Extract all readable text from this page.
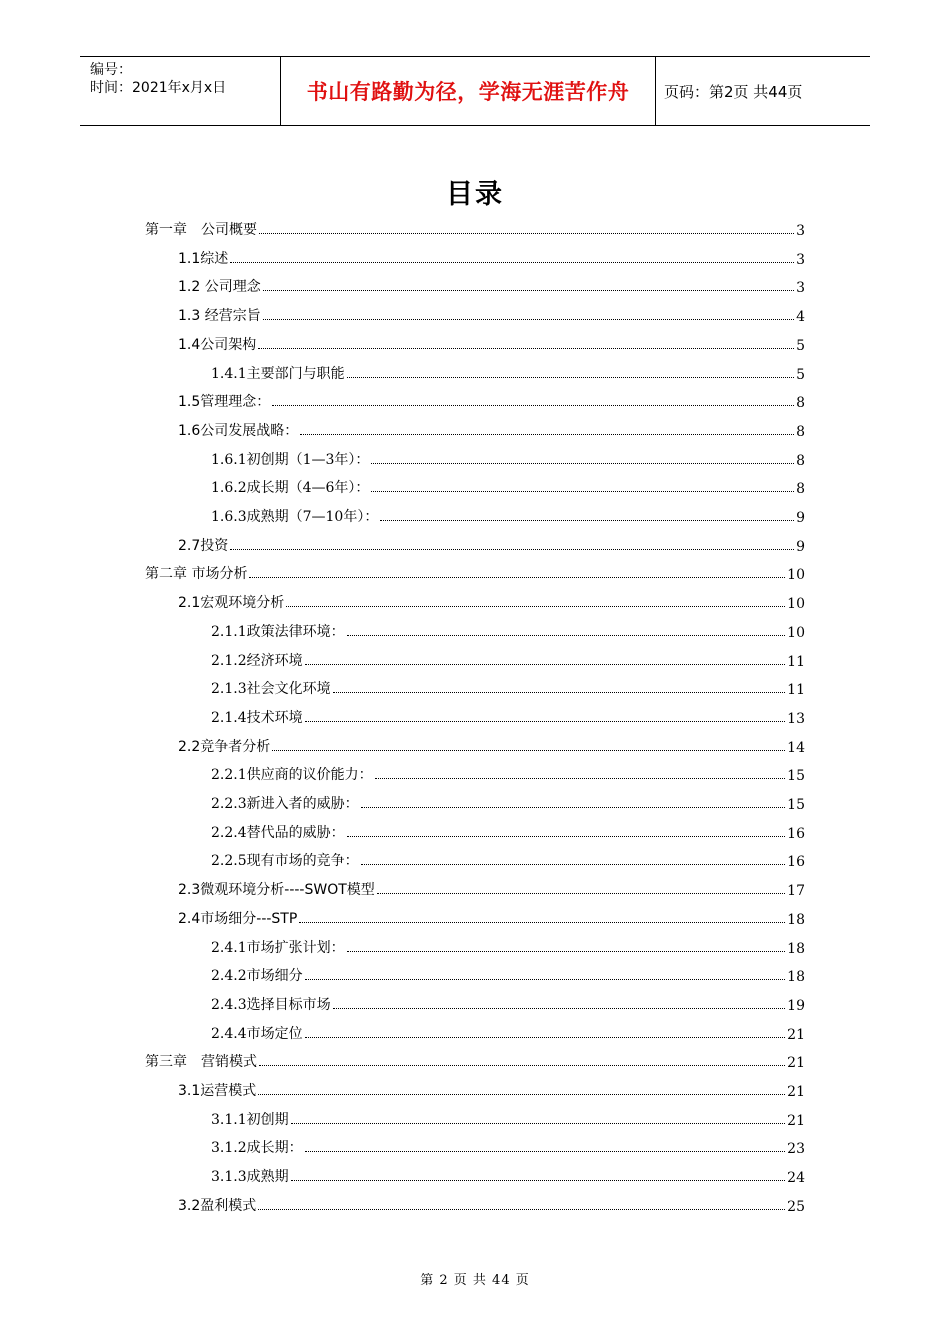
编号：
时间：2021年x月x日	书山有路勤为径，学海无涯苦作舟	页码：第2页 共44页
目录
第一章　公司概要	3
1.1综述	3
1.2 公司理念	3
1.3 经营宗旨	4
1.4公司架构	5
1.4.1主要部门与职能	5
1.5管理理念：	8
1.6公司发展战略：	8
1.6.1初创期（1—3年）：	8
1.6.2成长期（4—6年）：	8
1.6.3成熟期（7—10年）：	9
2.7投资	9
第二章 市场分析	10
2.1宏观环境分析	10
2.1.1政策法律环境：	10
2.1.2经济环境	11
2.1.3社会文化环境	11
2.1.4技术环境	13
2.2竞争者分析	14
2.2.1供应商的议价能力：	15
2.2.3新进入者的威胁：	15
2.2.4替代品的威胁：	16
2.2.5现有市场的竞争：	16
2.3微观环境分析----SWOT模型	17
2.4市场细分---STP	18
2.4.1市场扩张计划：	18
2.4.2市场细分	18
2.4.3选择目标市场	19
2.4.4市场定位	21
第三章　营销模式	21
3.1运营模式	21
3.1.1初创期	21
3.1.2成长期：	23
3.1.3成熟期	24
3.2盈利模式	25
第 2 页 共 44 页
